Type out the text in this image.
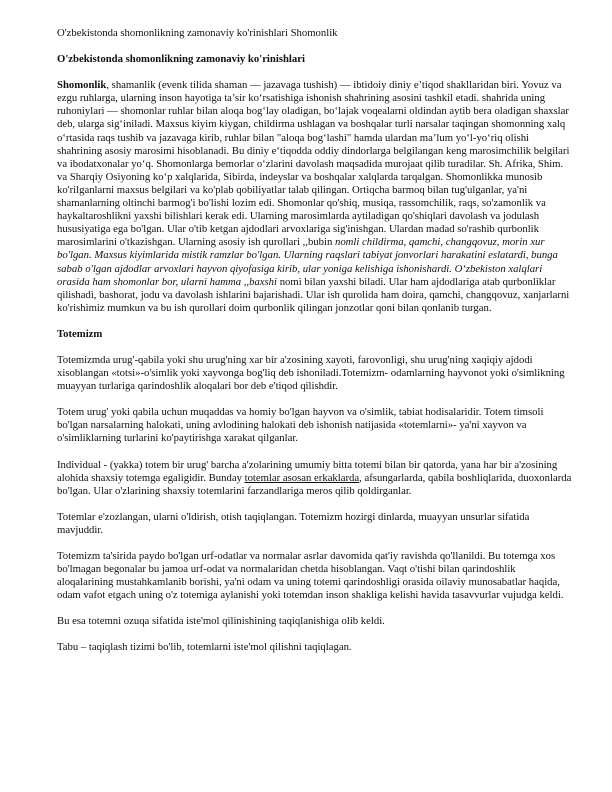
O'zbekistonda shomonlikning zamonaviy ko'rinishlari Shomonlik

O'zbekistonda shomonlikning zamonaviy ko'rinishlari

Shomonlik, shamanlik (evenk tilida shaman — jazavaga tushish) — ibtidoiy diniy e’tiqod shakllaridan biri. Yovuz va ezgu ruhlarga, ularning inson hayotiga ta’sir koʻrsatishiga ishonish shahrining asosini tashkil etadi. shahrida uning ruhoniylari — shomonlar ruhlar bilan aloqa bogʻlay oladigan, boʻlajak voqealarni oldindan aytib bera oladigan shaxslar deb, ularga sigʻiniladi. Maxsus kiyim kiygan, childirma ushlagan va boshqalar turli narsalar taqingan shomonning xalq oʻrtasida raqs tushib va jazavaga kirib, ruhlar bilan "aloqa bogʻlashi" hamda ulardan ma’lum yoʻl-yoʻriq olishi shahrining asosiy marosimi hisoblanadi. Bu diniy eʻtiqodda oddiy dindorlarga belgilangan keng marosimchilik belgilari va ibodatxonalar yoʻq. Shomonlarga bemorlar oʻzlarini davolash maqsadida murojaat qilib turadilar. Sh. Afrika, Shim. va Sharqiy Osiyoning koʻp xalqlarida, Sibirda, indeyslar va boshqalar xalqlarda tarqalgan. Shomonlikka munosib ko'rilganlarni maxsus belgilari va ko'plab qobiliyatlar talab qilingan. Ortiqcha barmoq bilan tug'ulganlar, ya'ni shamanlarning oltinchi barmog'i bo'lishi lozim edi. Shomonlar qo'shiq, musiqa, rassomchilik, raqs, so'zamonlik va haykaltaroshlikni yaxshi bilishlari kerak edi. Ularning marosimlarda aytiladigan qo'shiqlari davolash va jodulash hususiyatiga ega bo'lgan. Ular o'tib ketgan ajdodlari arvoxlariga sig'inishgan. Ulardan madad so'rashib qurbonlik marosimlarini o'tkazishgan. Ularning asosiy ish qurollari ,,bubin nomli childirma, qamchi, changqovuz, morin xur bo'lgan. Maxsus kiyimlarida mistik ramzlar bo'lgan. Ularning raqslari tabiyat jonvorlari harakatini eslatardi, bunga sabab o'lgan ajdodlar arvoxlari hayvon qiyofasiga kirib, ular yoniga kelishiga ishonishardi. O‘zbekiston xalqlari orasida ham shomonlar bor, ularni hamma ,,baxshi nomi bilan yaxshi biladi. Ular ham ajdodlariga atab qurbonliklar qilishadi, bashorat, jodu va davolash ishlarini bajarishadi. Ular ish qurolida ham doira, qamchi, changqovuz, xanjarlarni ko'rishimiz mumkun va bu ish qurollari doim qurbonlik qilingan jonzotlar qoni bilan qonlanib turgan.

Totemizm

Totemizmda urug'-qabila yoki shu urug'ning xar bir a'zosining xayoti, farovonligi, shu urug'ning xaqiqiy ajdodi xisoblangan «totsi»-o'simlik yoki xayvonga bog'liq deb ishoniladi.Totemizm- odamlarning hayvonot yoki o'simlikning muayyan turlariga qarindoshlik aloqalari bor deb e'tiqod qilishdir.

Totem urug' yoki qabila uchun muqaddas va homiy bo'lgan hayvon va o'simlik, tabiat hodisalaridir. Totem timsoli bo'lgan narsalarning halokati, uning avlodining halokati deb ishonish natijasida «totemlarni»- ya'ni xayvon va o'simliklarning turlarini ko'paytirishga xarakat qilganlar.

Individual - (yakka) totem bir urug' barcha a'zolarining umumiy bitta totemi bilan bir qatorda, yana har bir a'zosining alohida shaxsiy totemga egaligidir. Bunday totemlar asosan erkaklarda, afsungarlarda, qabila boshliqlarida, duoxonlarda bo'lgan. Ular o'zlarining shaxsiy totemlarini farzandlariga meros qilib qoldirganlar.

Totemlar e'zozlangan, ularni o'ldirish, otish taqiqlangan. Totemizm hozirgi dinlarda, muayyan unsurlar sifatida mavjuddir.

Totemizm ta'sirida paydo bo'lgan urf-odatlar va normalar asrlar davomida qat'iy ravishda qo'llanildi. Bu totemga xos bo'lmagan begonalar bu jamoa urf-odat va normalaridan chetda hisoblangan. Vaqt o'tishi bilan qarindoshlik aloqalarining mustahkamlanib borishi, ya'ni odam va uning totemi qarindoshligi orasida oilaviy munosabatlar haqida, odam vafot etgach uning o'z totemiga aylanishi yoki totemdan inson shakliga kelishi havida tasavvurlar vujudga keldi.

Bu esa totemni ozuqa sifatida iste'mol qilinishining taqiqlanishiga olib keldi.

Tabu – taqiqlash tizimi bo'lib, totemlarni iste'mol qilishni taqiqlagan.
